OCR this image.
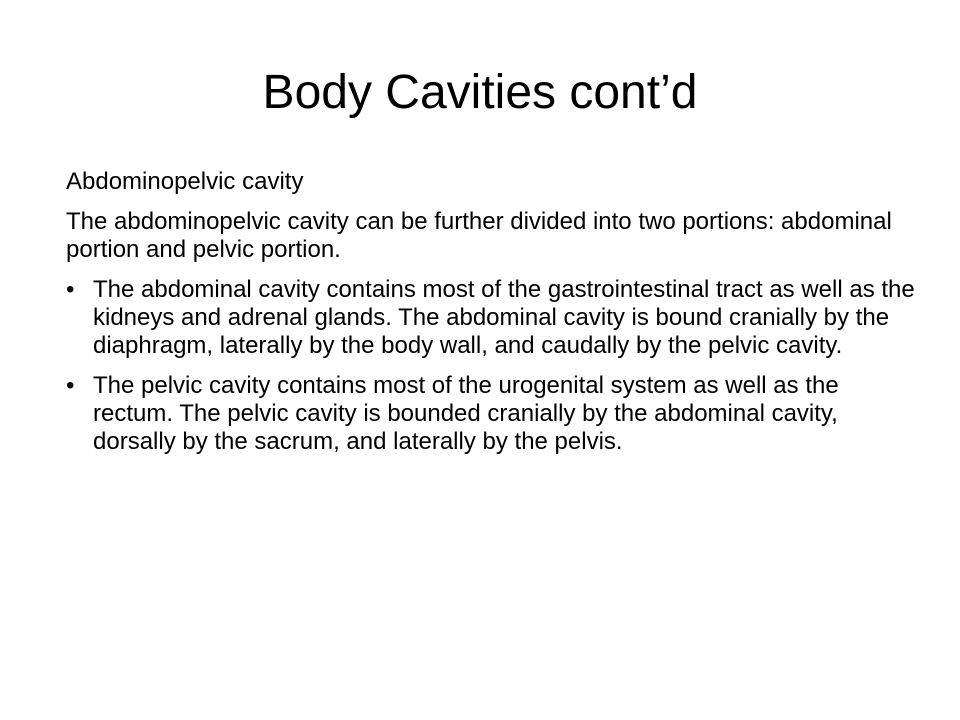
Body Cavities cont’d

Abdominopelvic cavity

The abdominopelvic cavity can be further divided into two portions: abdominal portion and pelvic portion.

• The abdominal cavity contains most of the gastrointestinal tract as well as the kidneys and adrenal glands. The abdominal cavity is bound cranially by the diaphragm, laterally by the body wall, and caudally by the pelvic cavity.
• The pelvic cavity contains most of the urogenital system as well as the rectum. The pelvic cavity is bounded cranially by the abdominal cavity, dorsally by the sacrum, and laterally by the pelvis.
